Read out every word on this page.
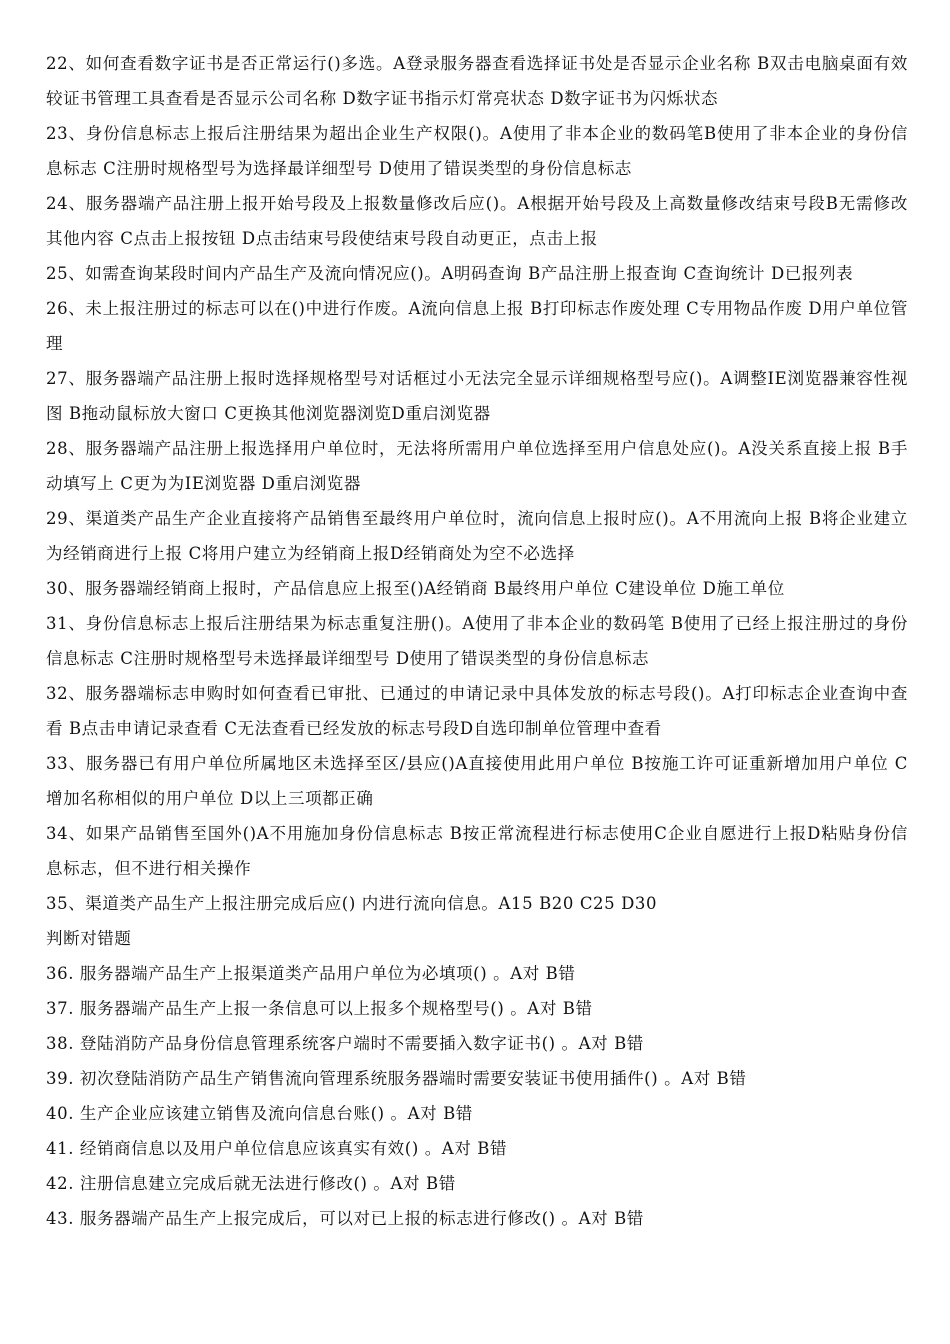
22、如何查看数字证书是否正常运行()多选。A登录服务器查看选择证书处是否显示企业名称 B双击电脑桌面有效较证书管理工具查看是否显示公司名称 D数字证书指示灯常亮状态 D数字证书为闪烁状态

23、身份信息标志上报后注册结果为超出企业生产权限()。A使用了非本企业的数码笔B使用了非本企业的身份信息标志 C注册时规格型号为选择最详细型号 D使用了错误类型的身份信息标志

24、服务器端产品注册上报开始号段及上报数量修改后应()。A根据开始号段及上高数量修改结束号段B无需修改其他内容 C点击上报按钮 D点击结束号段使结束号段自动更正，点击上报

25、如需查询某段时间内产品生产及流向情况应()。A明码查询 B产品注册上报查询 C查询统计 D已报列表

26、未上报注册过的标志可以在()中进行作废。A流向信息上报 B打印标志作废处理 C专用物品作废 D用户单位管理

27、服务器端产品注册上报时选择规格型号对话框过小无法完全显示详细规格型号应()。A调整IE浏览器兼容性视图 B拖动鼠标放大窗口 C更换其他浏览器浏览D重启浏览器

28、服务器端产品注册上报选择用户单位时，无法将所需用户单位选择至用户信息处应()。A没关系直接上报 B手动填写上 C更为为IE浏览器 D重启浏览器

29、渠道类产品生产企业直接将产品销售至最终用户单位时，流向信息上报时应()。A不用流向上报 B将企业建立为经销商进行上报 C将用户建立为经销商上报D经销商处为空不必选择

30、服务器端经销商上报时，产品信息应上报至()A经销商 B最终用户单位 C建设单位 D施工单位

31、身份信息标志上报后注册结果为标志重复注册()。A使用了非本企业的数码笔 B使用了已经上报注册过的身份信息标志 C注册时规格型号未选择最详细型号 D使用了错误类型的身份信息标志

32、服务器端标志申购时如何查看已审批、已通过的申请记录中具体发放的标志号段()。A打印标志企业查询中查看 B点击申请记录查看 C无法查看已经发放的标志号段D自选印制单位管理中查看

33、服务器已有用户单位所属地区未选择至区/县应()A直接使用此用户单位 B按施工许可证重新增加用户单位 C增加名称相似的用户单位 D以上三项都正确

34、如果产品销售至国外()A不用施加身份信息标志 B按正常流程进行标志使用C企业自愿进行上报D粘贴身份信息标志，但不进行相关操作

35、渠道类产品生产上报注册完成后应() 内进行流向信息。A15 B20 C25 D30

判断对错题

36. 服务器端产品生产上报渠道类产品用户单位为必填项() 。A对 B错

37. 服务器端产品生产上报一条信息可以上报多个规格型号() 。A对 B错

38. 登陆消防产品身份信息管理系统客户端时不需要插入数字证书() 。A对 B错

39. 初次登陆消防产品生产销售流向管理系统服务器端时需要安装证书使用插件() 。A对 B错

40. 生产企业应该建立销售及流向信息台账() 。A对 B错

41. 经销商信息以及用户单位信息应该真实有效() 。A对 B错

42. 注册信息建立完成后就无法进行修改() 。A对 B错

43. 服务器端产品生产上报完成后，可以对已上报的标志进行修改() 。A对 B错
